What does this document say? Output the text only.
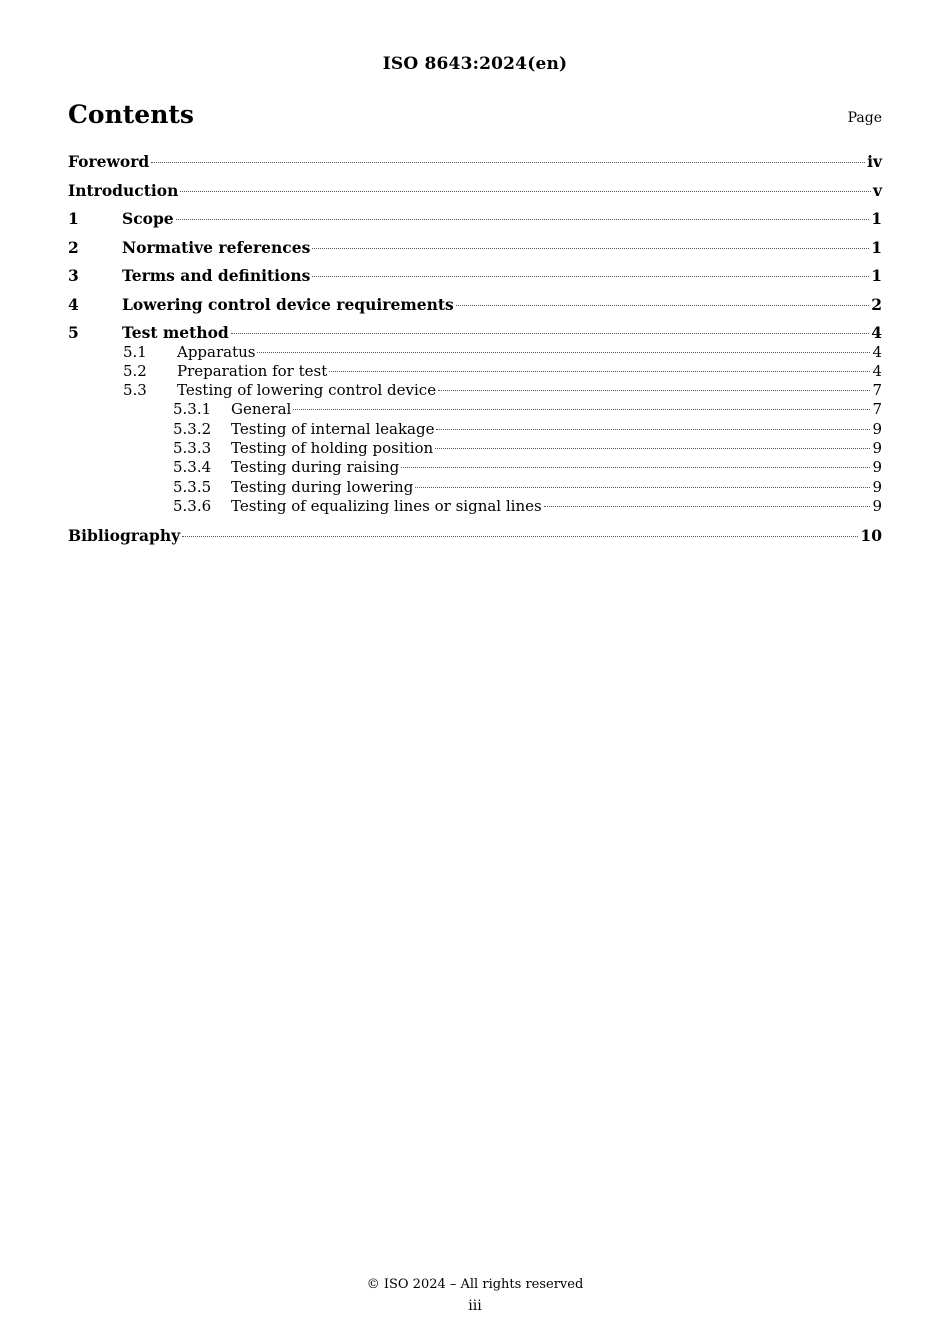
ISO 8643:2024(en)
Contents	Page
Foreword	iv
Introduction	v
1	Scope	1
2	Normative references	1
3	Terms and definitions	1
4	Lowering control device requirements	2
5	Test method	4
5.1	Apparatus	4
5.2	Preparation for test	4
5.3	Testing of lowering control device	7
5.3.1	General	7
5.3.2	Testing of internal leakage	9
5.3.3	Testing of holding position	9
5.3.4	Testing during raising	9
5.3.5	Testing during lowering	9
5.3.6	Testing of equalizing lines or signal lines	9
Bibliography	10
© ISO 2024 – All rights reserved
iii
